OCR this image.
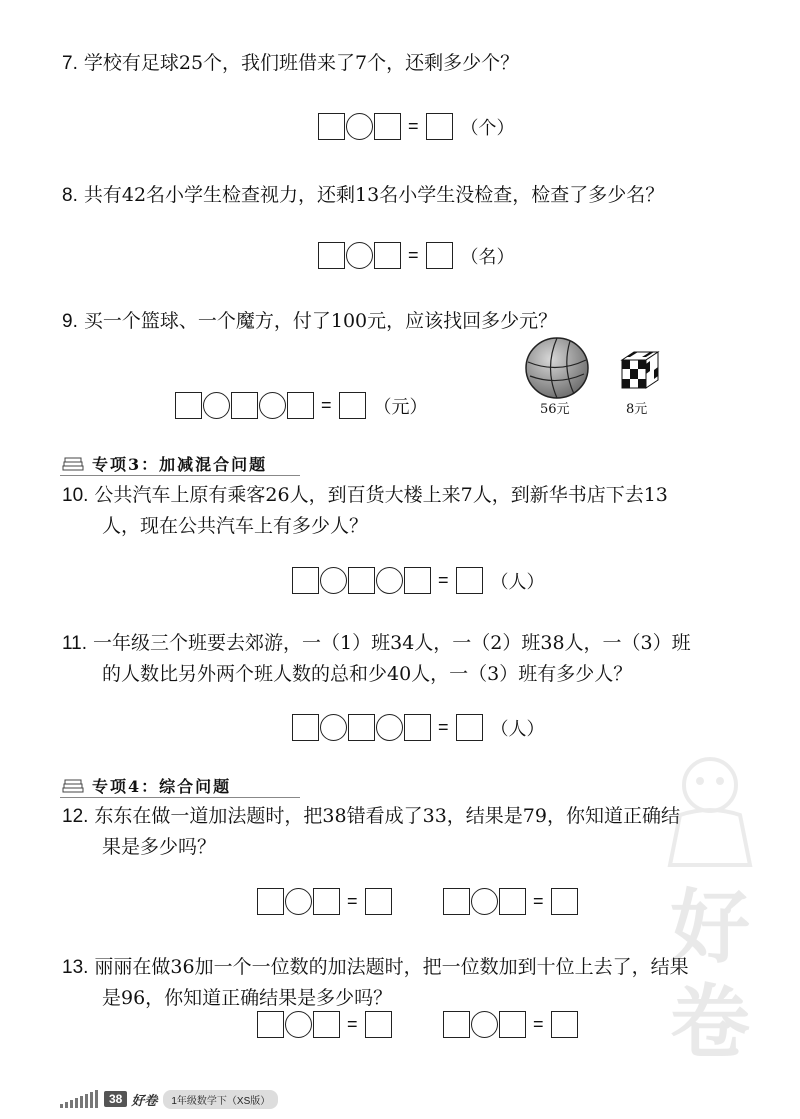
7. 学校有足球25个，我们班借来了7个，还剩多少个？
= （个）
8. 共有42名小学生检查视力，还剩13名小学生没检查，检查了多少名？
= （名）
9. 买一个篮球、一个魔方，付了100元，应该找回多少元？
= （元）	56元	8元
专项3：加减混合问题
10. 公共汽车上原有乘客26人，到百货大楼上来7人，到新华书店下去13
人，现在公共汽车上有多少人？
= （人）
11. 一年级三个班要去郊游，一（1）班34人，一（2）班38人，一（3）班
的人数比另外两个班人数的总和少40人，一（3）班有多少人？
= （人）
专项4：综合问题
12. 东东在做一道加法题时，把38错看成了33，结果是79，你知道正确结
果是多少吗？
=	=
13. 丽丽在做36加一个一位数的加法题时，把一位数加到十位上去了，结果
是96，你知道正确结果是多少吗？
=	=
好
卷
38 好卷	1年级数学下（XS版）
